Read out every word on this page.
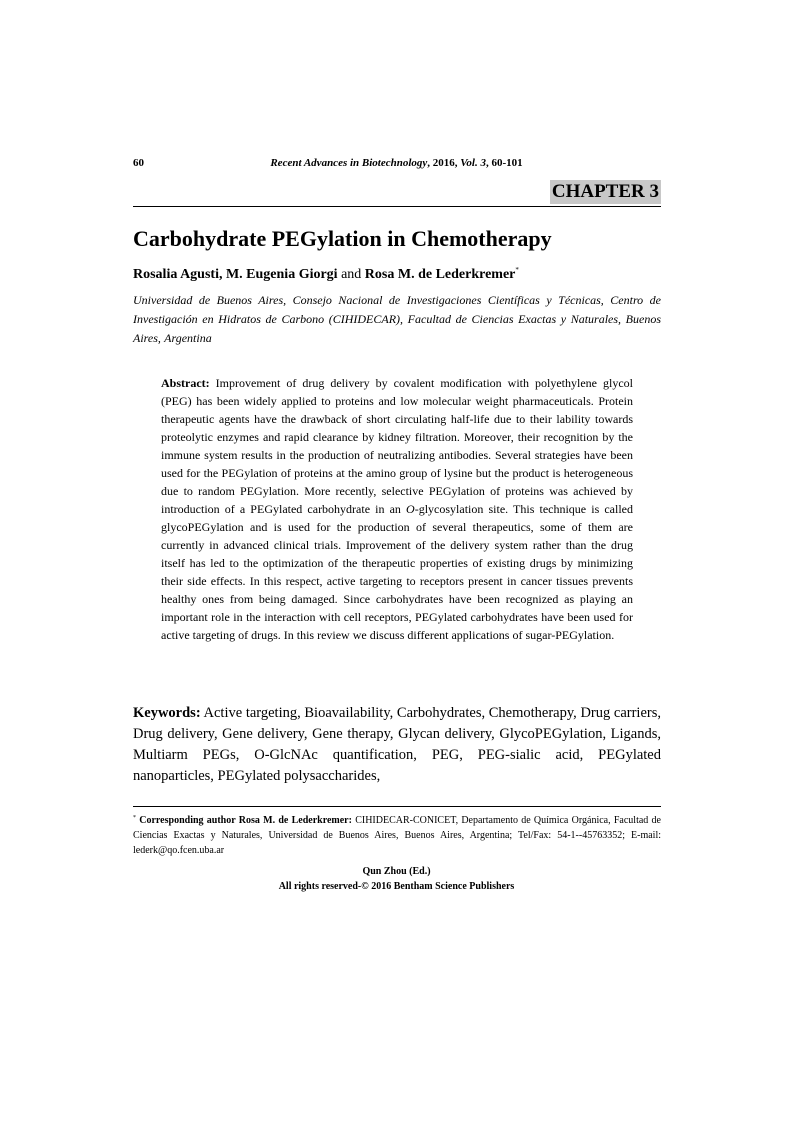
60	Recent Advances in Biotechnology, 2016, Vol. 3, 60-101
CHAPTER 3
Carbohydrate PEGylation in Chemotherapy
Rosalia Agusti, M. Eugenia Giorgi and Rosa M. de Lederkremer*
Universidad de Buenos Aires, Consejo Nacional de Investigaciones Científicas y Técnicas, Centro de Investigación en Hidratos de Carbono (CIHIDECAR), Facultad de Ciencias Exactas y Naturales, Buenos Aires, Argentina
Abstract: Improvement of drug delivery by covalent modification with polyethylene glycol (PEG) has been widely applied to proteins and low molecular weight pharmaceuticals. Protein therapeutic agents have the drawback of short circulating half-life due to their lability towards proteolytic enzymes and rapid clearance by kidney filtration. Moreover, their recognition by the immune system results in the production of neutralizing antibodies. Several strategies have been used for the PEGylation of proteins at the amino group of lysine but the product is heterogeneous due to random PEGylation. More recently, selective PEGylation of proteins was achieved by introduction of a PEGylated carbohydrate in an O-glycosylation site. This technique is called glycoPEGylation and is used for the production of several therapeutics, some of them are currently in advanced clinical trials. Improvement of the delivery system rather than the drug itself has led to the optimization of the therapeutic properties of existing drugs by minimizing their side effects. In this respect, active targeting to receptors present in cancer tissues prevents healthy ones from being damaged. Since carbohydrates have been recognized as playing an important role in the interaction with cell receptors, PEGylated carbohydrates have been used for active targeting of drugs. In this review we discuss different applications of sugar-PEGylation.
Keywords: Active targeting, Bioavailability, Carbohydrates, Chemotherapy, Drug carriers, Drug delivery, Gene delivery, Gene therapy, Glycan delivery, GlycoPEGylation, Ligands, Multiarm PEGs, O-GlcNAc quantification, PEG, PEG-sialic acid, PEGylated nanoparticles, PEGylated polysaccharides,
* Corresponding author Rosa M. de Lederkremer: CIHIDECAR-CONICET, Departamento de Química Orgánica, Facultad de Ciencias Exactas y Naturales, Universidad de Buenos Aires, Buenos Aires, Argentina; Tel/Fax: 54-1--45763352; E-mail: lederk@qo.fcen.uba.ar
Qun Zhou (Ed.)
All rights reserved-© 2016 Bentham Science Publishers
